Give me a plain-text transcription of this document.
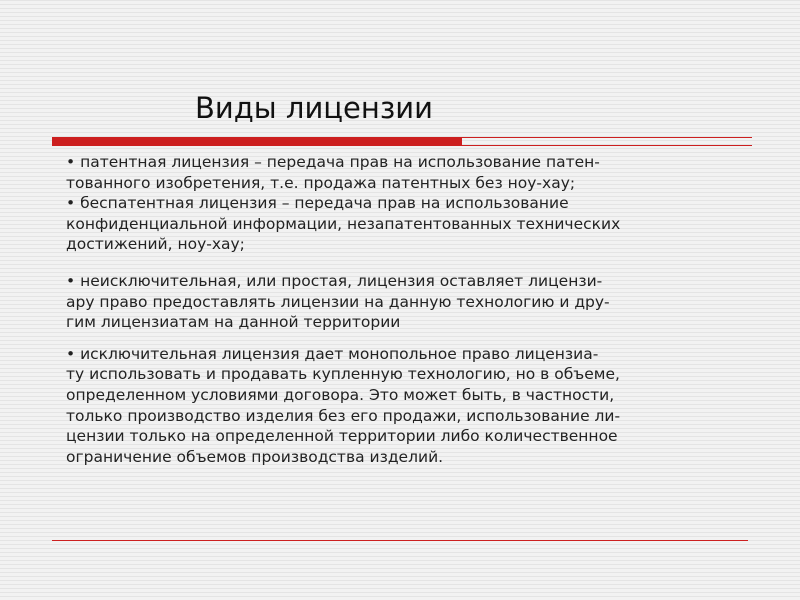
Виды лицензии
• патентная лицензия – передача прав на использование патен-
тованного изобретения, т.е. продажа патентных без ноу-хау;
• беспатентная лицензия – передача прав на использование
конфиденциальной информации, незапатентованных технических
достижений, ноу-хау;
• неисключительная, или простая, лицензия оставляет лицензи-
ару право предоставлять лицензии на данную технологию и дру-
гим лицензиатам на данной территории
• исключительная лицензия дает монопольное право лицензиа-
ту использовать и продавать купленную технологию, но в объеме,
определенном условиями договора. Это может быть, в частности,
только производство изделия без его продажи, использование ли-
цензии только на определенной территории либо количественное
ограничение объемов производства изделий.
